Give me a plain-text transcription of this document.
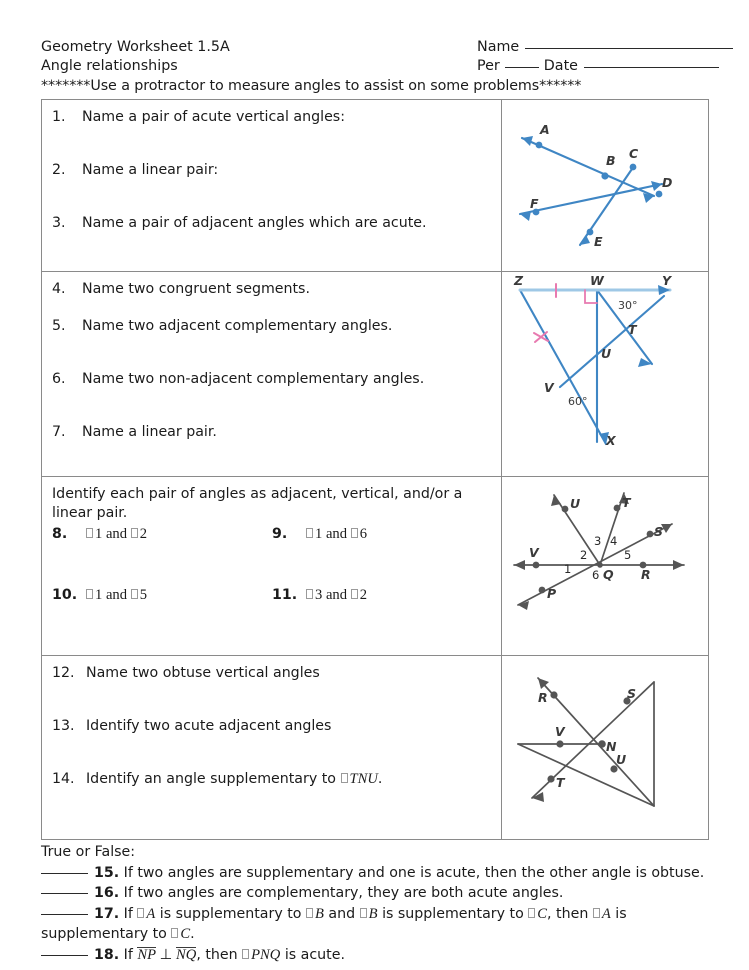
Geometry Worksheet 1.5A	Name
Angle relationships	Per	Date
*******Use a protractor to measure angles to assist on some problems******
1.	Name a pair of acute vertical angles:
2.	Name a linear pair:
3.	Name a pair of adjacent angles which are acute.

A
B C
D
E
F

4.	Name two congruent segments.
5.	Name two adjacent complementary angles.
6.	Name two non-adjacent complementary angles.
7.	Name a linear pair.

Z	W	Y
T
U
V
X
30°
60°

Identify each pair of angles as adjacent, vertical, and/or a linear pair.
8.	1 and 2	9.	1 and 6
10.	1 and 5	11.	3 and 2

U	T
V
S
P
Q R
1
2
3 4
5
6

12. Name two obtuse vertical angles
13. Identify two acute adjacent angles
14. Identify an angle supplementary to TNU.

R	S
V
N
U
T
True or False:
15. If two angles are supplementary and one is acute, then the other angle is obtuse.
16. If two angles are complementary, they are both acute angles.
17. If A is supplementary to B and B is supplementary to C, then A is supplementary to C.
18. If NP ⊥ NQ, then PNQ is acute.
